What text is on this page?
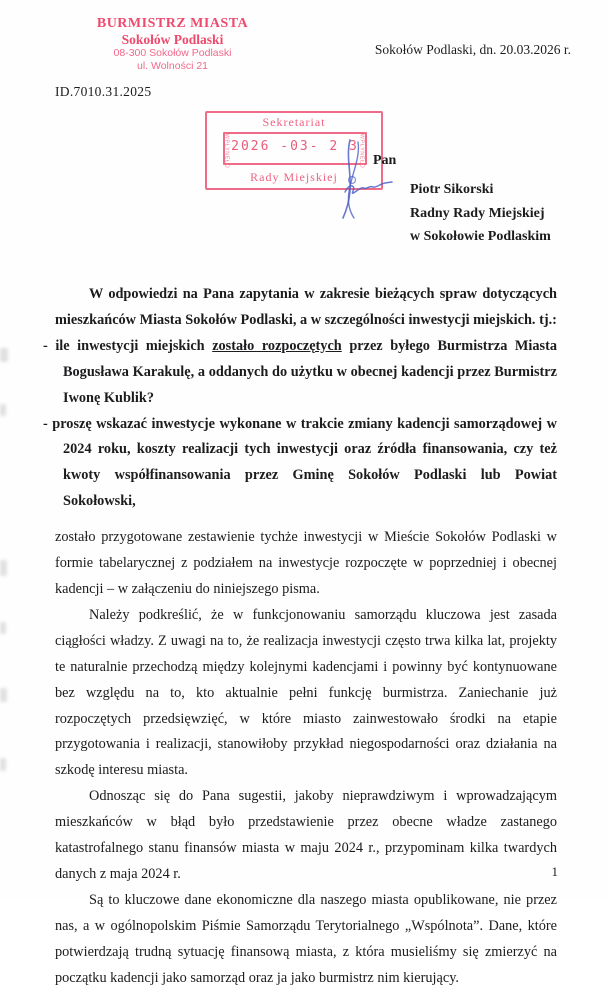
BURMISTRZ MIASTA
Sokołów Podlaski
08-300 Sokołów Podlaski
ul. Wolności 21
Sokołów Podlaski, dn. 20.03.2026 r.
ID.7010.31.2025
Sekretariat
2026 -03- 2 3
Rady Miejskiej
WPŁYNĘŁO	WPŁYNĘŁO Pan
Piotr Sikorski
Radny Rady Miejskiej
w Sokołowie Podlaskim

W odpowiedzi na Pana zapytania w zakresie bieżących spraw dotyczących mieszkańców Miasta Sokołów Podlaski, a w szczególności inwestycji miejskich. tj.:

- ile inwestycji miejskich zostało rozpoczętych przez byłego Burmistrza Miasta Bogusława Karakulę, a oddanych do użytku w obecnej kadencji przez Burmistrz Iwonę Kublik?

- proszę wskazać inwestycje wykonane w trakcie zmiany kadencji samorządowej w 2024 roku, koszty realizacji tych inwestycji oraz źródła finansowania, czy też kwoty współfinansowania przez Gminę Sokołów Podlaski lub Powiat Sokołowski,

zostało przygotowane zestawienie tychże inwestycji w Mieście Sokołów Podlaski w formie tabelarycznej z podziałem na inwestycje rozpoczęte w poprzedniej i obecnej kadencji – w załączeniu do niniejszego pisma.

Należy podkreślić, że w funkcjonowaniu samorządu kluczowa jest zasada ciągłości władzy. Z uwagi na to, że realizacja inwestycji często trwa kilka lat, projekty te naturalnie przechodzą między kolejnymi kadencjami i powinny być kontynuowane bez względu na to, kto aktualnie pełni funkcję burmistrza. Zaniechanie już rozpoczętych przedsięwzięć, w które miasto zainwestowało środki na etapie przygotowania i realizacji, stanowiłoby przykład niegospodarności oraz działania na szkodę interesu miasta.

Odnosząc się do Pana sugestii, jakoby nieprawdziwym i wprowadzającym mieszkańców w błąd było przedstawienie przez obecne władze zastanego katastrofalnego stanu finansów miasta w maju 2024 r., przypominam kilka twardych danych z maja 2024 r.

Są to kluczowe dane ekonomiczne dla naszego miasta opublikowane, nie przez nas, a w ogólnopolskim Piśmie Samorządu Terytorialnego „Wspólnota”. Dane, które potwierdzają trudną sytuację finansową miasta, z która musieliśmy się zmierzyć na początku kadencji jako samorząd oraz ja jako burmistrz nim kierujący.

1
